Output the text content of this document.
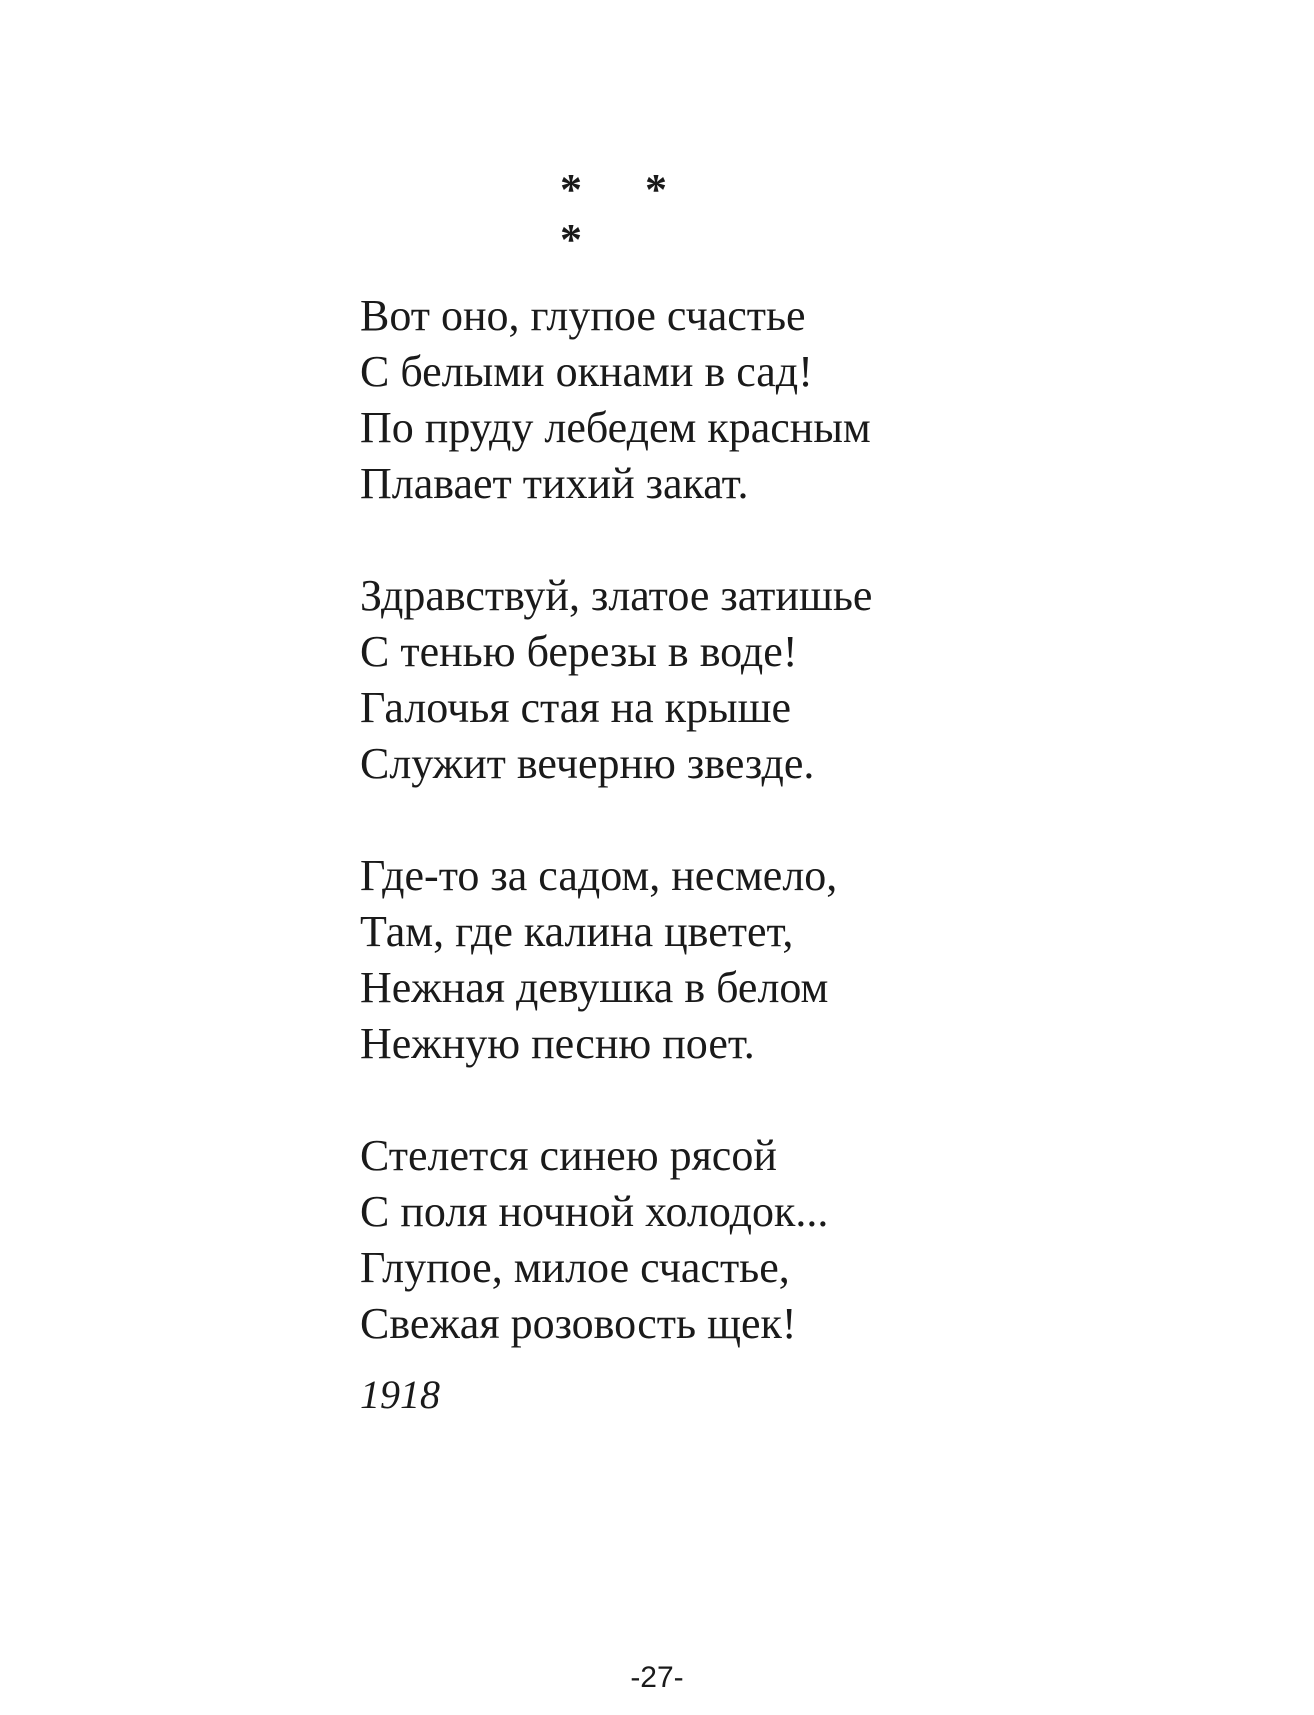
* * *
Вот оно, глупое счастье
С белыми окнами в сад!
По пруду лебедем красным
Плавает тихий закат.
Здравствуй, златое затишье
С тенью березы в воде!
Галочья стая на крыше
Служит вечерню звезде.
Где-то за садом, несмело,
Там, где калина цветет,
Нежная девушка в белом
Нежную песню поет.
Стелется синею рясой
С поля ночной холодок...
Глупое, милое счастье,
Свежая розовость щек!
1918
-27-
